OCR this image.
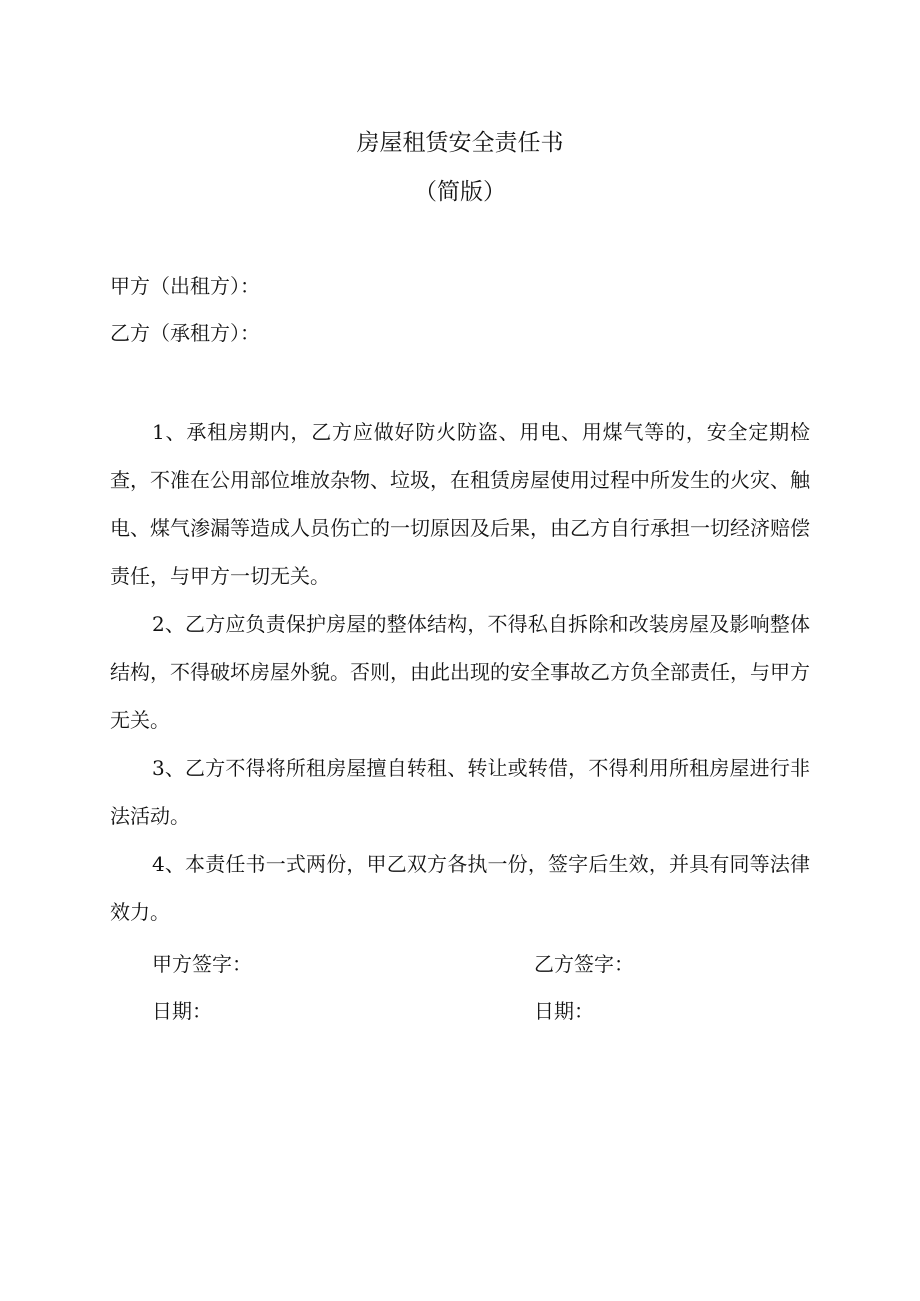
房屋租赁安全责任书
（简版）
甲方（出租方）：
乙方（承租方）：

1、承租房期内，乙方应做好防火防盗、用电、用煤气等的，安全定期检查，不准在公用部位堆放杂物、垃圾，在租赁房屋使用过程中所发生的火灾、触电、煤气渗漏等造成人员伤亡的一切原因及后果，由乙方自行承担一切经济赔偿责任，与甲方一切无关。

2、乙方应负责保护房屋的整体结构，不得私自拆除和改装房屋及影响整体结构，不得破坏房屋外貌。否则，由此出现的安全事故乙方负全部责任，与甲方无关。

3、乙方不得将所租房屋擅自转租、转让或转借，不得利用所租房屋进行非法活动。

4、本责任书一式两份，甲乙双方各执一份，签字后生效，并具有同等法律效力。

甲方签字：	乙方签字：
日期：	日期：
